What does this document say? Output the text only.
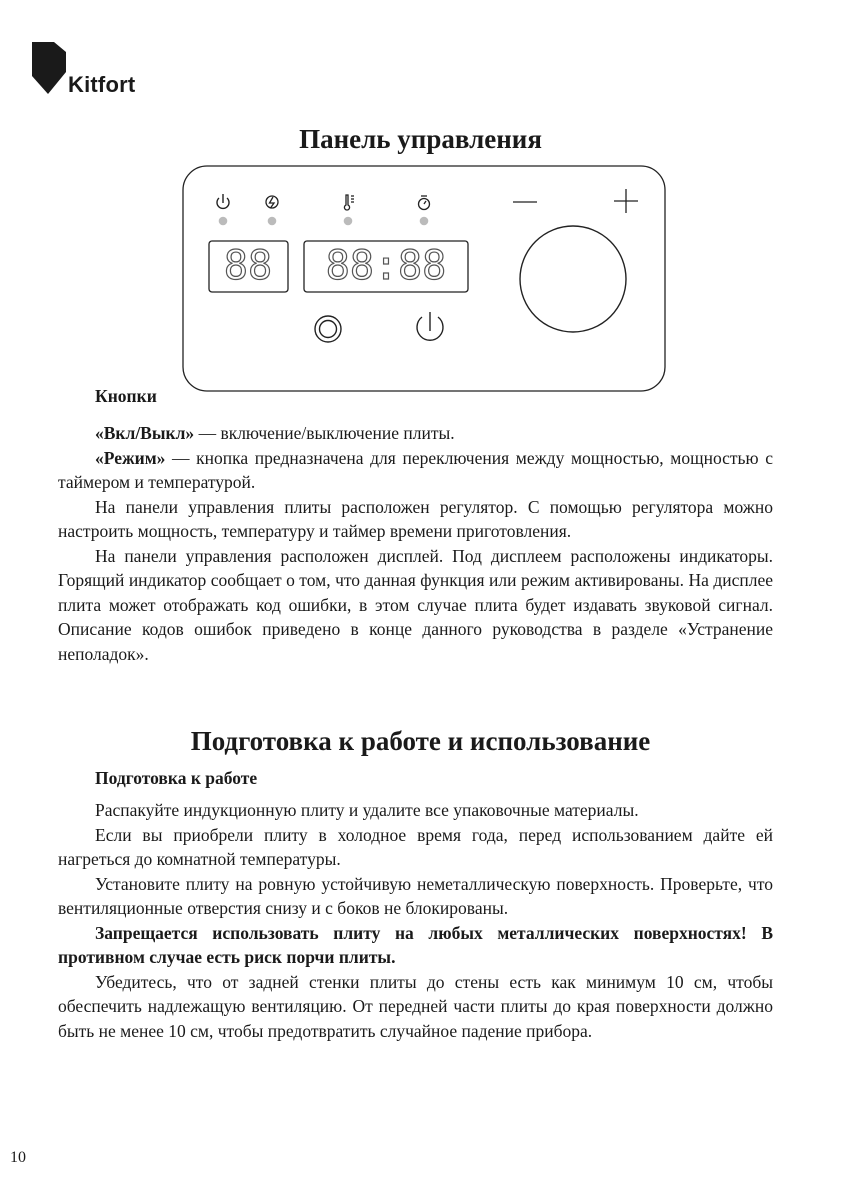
Kitfort
Панель управления
88 88:88
Кнопки

«Вкл/Выкл» — включение/выключение плиты.

«Режим» — кнопка предназначена для переключения между мощностью, мощностью с таймером и температурой.

На панели управления плиты расположен регулятор. С помощью регулятора можно настроить мощность, температуру и таймер времени приготовления.

На панели управления расположен дисплей. Под дисплеем расположены индикаторы. Горящий индикатор сообщает о том, что данная функция или режим активированы. На дисплее плита может отображать код ошибки, в этом случае плита будет издавать звуковой сигнал. Описание кодов ошибок приведено в конце данного руководства в разделе «Устранение неполадок».

Подготовка к работе и использование
Подготовка к работе

Распакуйте индукционную плиту и удалите все упаковочные материалы.

Если вы приобрели плиту в холодное время года, перед использованием дайте ей нагреться до комнатной температуры.

Установите плиту на ровную устойчивую неметаллическую поверхность. Проверьте, что вентиляционные отверстия снизу и с боков не блокированы.

Запрещается использовать плиту на любых металлических поверхностях! В противном случае есть риск порчи плиты.

Убедитесь, что от задней стенки плиты до стены есть как минимум 10 см, чтобы обеспечить надлежащую вентиляцию. От передней части плиты до края поверхности должно быть не менее 10 см, чтобы предотвратить случайное падение прибора.

10
